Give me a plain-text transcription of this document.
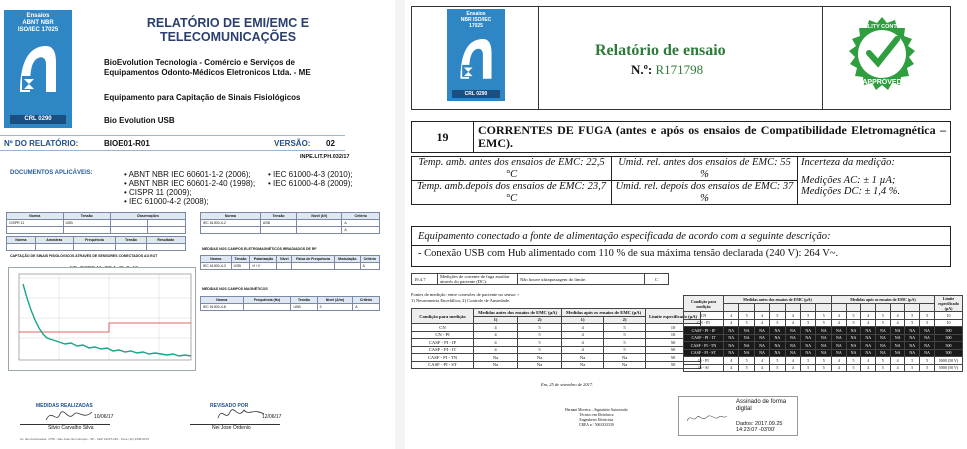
Ensaios
ABNT NBR
ISO/IEC 17025
CRL 0290
RELATÓRIO DE EMI/EMC E TELECOMUNICAÇÕES
BioEvolution Tecnologia - Comércio e Serviços de Equipamentos Odonto-Médicos Eletronicos Ltda. - ME
Equipamento para Capitação de Sinais Fisiológicos
Bio Evolution USB
Nº DO RELATÓRIO:	BIOE01-R01	VERSÃO: 02
INPE.LIT.PH.032/17
DOCUMENTOS APLICÁVEIS:	• ABNT NBR IEC 60601-1-2 (2006);
• ABNT NBR IEC 60601-2-40 (1998);
• CISPR 11 (2009);
• IEC 61000-4-2 (2008);
• IEC 61000-4-3 (2010);
• IEC 61000-4-8 (2009);
Norma	Tensão	Observações	
CISPR 11	USB		

Norma	Amostras	Frequência	Tensão	Resultado

CAPTAÇÃO DE SINAIS FISIOLÓGICOS ATRAVÉS DE SENSORES CONECTADOS AO EUT
Norma	Tensão	Nível (kV)	Critério
IEC 61000-4-2	USB		A
			A
MEDIDAS NOS CAMPOS ELETROMAGNÉTICOS IRRADIADOS DE RF
Norma	Tensão	Polarização	Nível	Faixa de Frequência	Modulação	Critério
IEC 61000-4-3	USB	H / V				A
MEDIDAS NOS CAMPOS MAGNÉTICOS
Norma	Frequência (Hz)	Tensão	Nível (A/m)	Critério
IEC 61000-4-8		USB	3	A
MEDIDAS REALIZADAS
Silvio Carvalho Silva
10/06/17
REVISADO POR
Nei Jose Ordenio
12/06/17
Av. dos Astronautas, 1758 - São José dos Campos - SP - CEP 12227-010 - Fone (12) 3208-6270
Ensaios
NBR ISO/IEC
17025
CRL 0290
Relatório de ensaio
N.º: R171798
QUALITY CONTROL
APPROVED
19	CORRENTES DE FUGA (antes e após os ensaios de Compatibilidade Eletromagnética – EMC).
Temp. amb. antes dos ensaios de EMC: 22,5 °C	Umid. rel. antes dos ensaios de EMC: 55 %	Incerteza da medição:
Medições AC: ± 1 µA;
Medições DC: ± 1,4 %.

Temp. amb.depois dos ensaios de EMC: 23,7 °C	Umid. rel. depois dos ensaios de EMC: 37 %	
Equipamento conectado a fonte de alimentação especificada de acordo com a seguinte descrição:
- Conexão USB com Hub alimentado com 110 % de sua máxima tensão declarada (240 V): 264 V~.
19.4.7	Medições de corrente de fuga auxiliar através do paciente (DC):	Não houve ultrapassagem do limite.	C
Fontes de medição: entre conexões de paciente no sensor >
1) Neurometria Encefálica; 2) Controle de Ansiedade.
Condição para medição	Medidas antes dos ensaios de EMC (µA)		Medidas após os ensaios de EMC (µA)		Limite especificado (µA)
	1)	2)	1)	2)	
CN	4	5	4	5	10
CN - PI	4	5	4	5	10
CASF - PI - IF	4	5	4	5	50
CASF - PI - IT	4	5	4	5	50
CASF - PI - TN	Na	Na	Na	Na	50
CASF - PI - ST	Na	Na	Na	Na	50
Condição para medição	Medidas antes dos ensaios de EMC (µA)							Medidas após os ensaios de EMC (µA)							Limite especificado (µA)

CN	4	5	4	5	4	5	5	4	5	4	5	4	5	5	10
CN - PI	4	5	4	5	4	5	5	4	5	4	5	4	5	5	10
CASF - PI - IF	NA	NA	NA	NA	NA	NA	NA	NA	NA	NA	NA	NA	NA	NA	500
CASF - PI - IT	NA	NA	NA	NA	NA	NA	NA	NA	NA	NA	NA	NA	NA	NA	500
CASF - PI - TN	NA	NA	NA	NA	NA	NA	NA	NA	NA	NA	NA	NA	NA	NA	500
CASF - PI - ST	NA	NA	NA	NA	NA	NA	NA	NA	NA	NA	NA	NA	NA	NA	500
IS - PI	4	5	4	5	4	5	5	4	5	4	5	4	5	5	5000 (50 V)
IS - SI	4	5	4	5	4	5	5	4	5	4	5	4	5	5	5000 (50 V)
Em, 25 de setembro de 2017.
Hernani Moreira – Signatário Autorizado
Técnico em Eletrônica
Engenheiro Eletricista
CREA n.º 5063333330
Assinado de forma digital
Dados: 2017.09.25 14:23:07 -03'00'
